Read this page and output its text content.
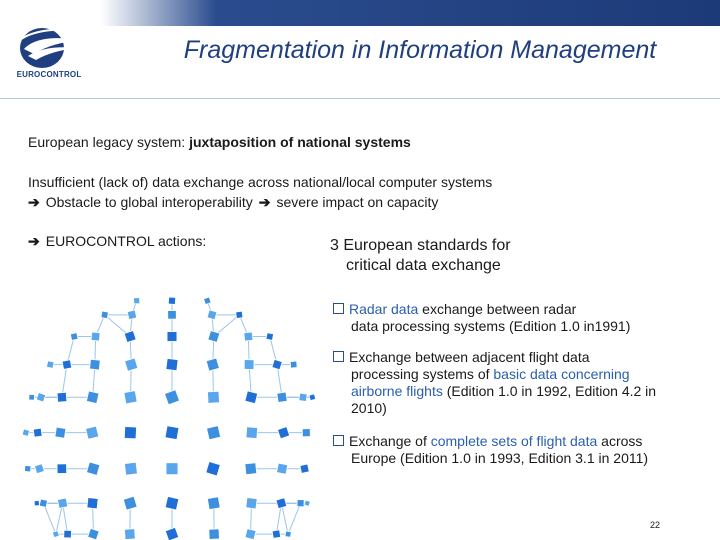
EUROCONTROL
Fragmentation in Information Management
European legacy system: juxtaposition of national systems
Insufficient (lack of) data exchange across national/local computer systems
➔ Obstacle to global interoperability ➔ severe impact on capacity
➔ EUROCONTROL actions:	3 European standards for
critical data exchange
Radar data exchange between radar
data processing systems (Edition 1.0 in1991)
Exchange between adjacent flight data
processing systems of basic data concerning
airborne flights (Edition 1.0 in 1992, Edition 4.2 in
2010)
Exchange of complete sets of flight data across
Europe (Edition 1.0 in 1993, Edition 3.1 in 2011)
22
